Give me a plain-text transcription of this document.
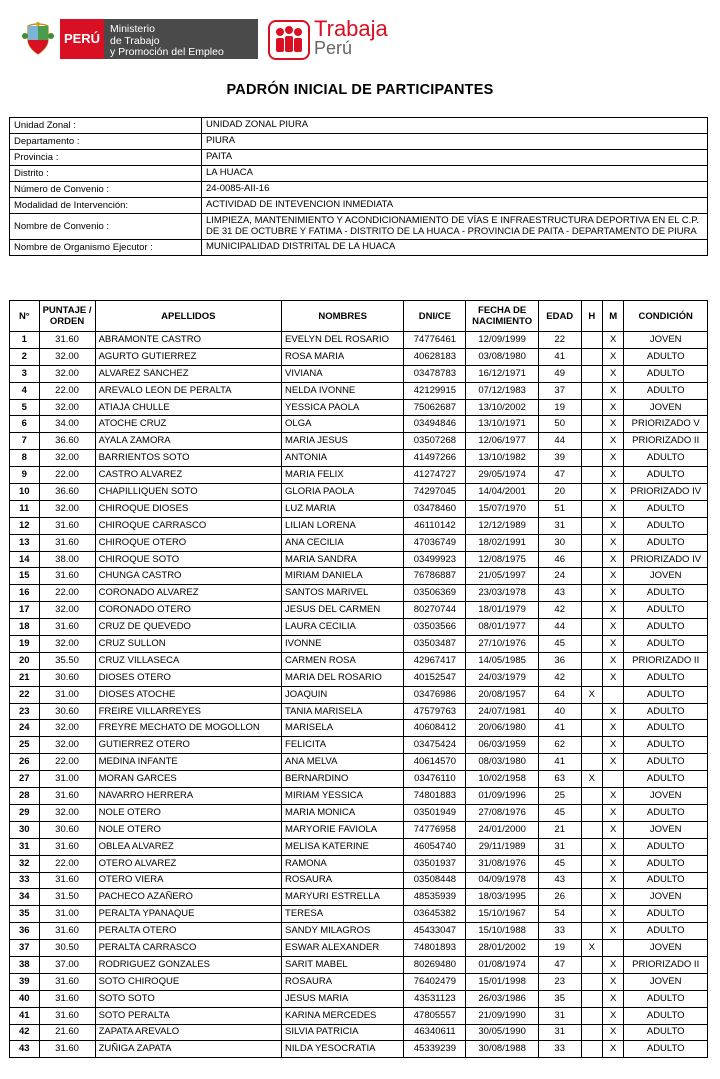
PERÚ
Ministerio
de Trabajo
y Promoción del Empleo
Trabaja
Perú
PADRÓN INICIAL DE PARTICIPANTES
Unidad Zonal :	UNIDAD ZONAL PIURA
Departamento :	PIURA
Provincia :	PAITA
Distrito :	LA HUACA
Número de Convenio :	24-0085-AII-16
Modalidad de Intervención:	ACTIVIDAD DE INTEVENCION INMEDIATA
Nombre de Convenio :	LIMPIEZA, MANTENIMIENTO Y ACONDICIONAMIENTO DE VÍAS E INFRAESTRUCTURA DEPORTIVA EN EL C.P. DE 31 DE OCTUBRE Y FATIMA - DISTRITO DE LA HUACA - PROVINCIA DE PAITA - DEPARTAMENTO DE PIURA
Nombre de Organismo Ejecutor :	MUNICIPALIDAD DISTRITAL DE LA HUACA
N°	PUNTAJE / ORDEN	APELLIDOS	NOMBRES	DNI/CE	FECHA DE NACIMIENTO	EDAD	H	M	CONDICIÓN
1	31.60	ABRAMONTE CASTRO	EVELYN DEL ROSARIO	74776461	12/09/1999	22		X	JOVEN
2	32.00	AGURTO GUTIERREZ	ROSA MARIA	40628183	03/08/1980	41		X	ADULTO
3	32.00	ALVAREZ SANCHEZ	VIVIANA	03478783	16/12/1971	49		X	ADULTO
4	22.00	AREVALO LEON DE PERALTA	NELDA IVONNE	42129915	07/12/1983	37		X	ADULTO
5	32.00	ATIAJA CHULLE	YESSICA PAOLA	75062687	13/10/2002	19		X	JOVEN
6	34.00	ATOCHE CRUZ	OLGA	03494846	13/10/1971	50		X	PRIORIZADO V
7	36.60	AYALA ZAMORA	MARIA JESUS	03507268	12/06/1977	44		X	PRIORIZADO II
8	32.00	BARRIENTOS SOTO	ANTONIA	41497266	13/10/1982	39		X	ADULTO
9	22.00	CASTRO ALVAREZ	MARIA FELIX	41274727	29/05/1974	47		X	ADULTO
10	36.60	CHAPILLIQUEN SOTO	GLORIA PAOLA	74297045	14/04/2001	20		X	PRIORIZADO IV
11	32.00	CHIROQUE DIOSES	LUZ MARIA	03478460	15/07/1970	51		X	ADULTO
12	31.60	CHIROQUE CARRASCO	LILIAN LORENA	46110142	12/12/1989	31		X	ADULTO
13	31.60	CHIROQUE OTERO	ANA CECILIA	47036749	18/02/1991	30		X	ADULTO
14	38.00	CHIROQUE SOTO	MARIA SANDRA	03499923	12/08/1975	46		X	PRIORIZADO IV
15	31.60	CHUNGA CASTRO	MIRIAM DANIELA	76786887	21/05/1997	24		X	JOVEN
16	22.00	CORONADO ALVAREZ	SANTOS MARIVEL	03506369	23/03/1978	43		X	ADULTO
17	32.00	CORONADO OTERO	JESUS DEL CARMEN	80270744	18/01/1979	42		X	ADULTO
18	31.60	CRUZ DE QUEVEDO	LAURA CECILIA	03503566	08/01/1977	44		X	ADULTO
19	32.00	CRUZ SULLON	IVONNE	03503487	27/10/1976	45		X	ADULTO
20	35.50	CRUZ VILLASECA	CARMEN ROSA	42967417	14/05/1985	36		X	PRIORIZADO II
21	30.60	DIOSES OTERO	MARIA DEL ROSARIO	40152547	24/03/1979	42		X	ADULTO
22	31.00	DIOSES ATOCHE	JOAQUIN	03476986	20/08/1957	64	X		ADULTO
23	30.60	FREIRE VILLARREYES	TANIA MARISELA	47579763	24/07/1981	40		X	ADULTO
24	32.00	FREYRE MECHATO DE MOGOLLON	MARISELA	40608412	20/06/1980	41		X	ADULTO
25	32.00	GUTIERREZ OTERO	FELICITA	03475424	06/03/1959	62		X	ADULTO
26	22.00	MEDINA INFANTE	ANA MELVA	40614570	08/03/1980	41		X	ADULTO
27	31.00	MORAN GARCES	BERNARDINO	03476110	10/02/1958	63	X		ADULTO
28	31.60	NAVARRO HERRERA	MIRIAM YESSICA	74801883	01/09/1996	25		X	JOVEN
29	32.00	NOLE OTERO	MARIA MONICA	03501949	27/08/1976	45		X	ADULTO
30	30.60	NOLE OTERO	MARYORIE FAVIOLA	74776958	24/01/2000	21		X	JOVEN
31	31.60	OBLEA ALVAREZ	MELISA KATERINE	46054740	29/11/1989	31		X	ADULTO
32	22.00	OTERO ALVAREZ	RAMONA	03501937	31/08/1976	45		X	ADULTO
33	31.60	OTERO VIERA	ROSAURA	03508448	04/09/1978	43		X	ADULTO
34	31.50	PACHECO AZAÑERO	MARYURI ESTRELLA	48535939	18/03/1995	26		X	JOVEN
35	31.00	PERALTA YPANAQUE	TERESA	03645382	15/10/1967	54		X	ADULTO
36	31.60	PERALTA OTERO	SANDY MILAGROS	45433047	15/10/1988	33		X	ADULTO
37	30.50	PERALTA CARRASCO	ESWAR ALEXANDER	74801893	28/01/2002	19	X		JOVEN
38	37.00	RODRIGUEZ GONZALES	SARIT MABEL	80269480	01/08/1974	47		X	PRIORIZADO II
39	31.60	SOTO CHIROQUE	ROSAURA	76402479	15/01/1998	23		X	JOVEN
40	31.60	SOTO SOTO	JESUS MARIA	43531123	26/03/1986	35		X	ADULTO
41	31.60	SOTO PERALTA	KARINA MERCEDES	47805557	21/09/1990	31		X	ADULTO
42	21.60	ZAPATA AREVALO	SILVIA PATRICIA	46340611	30/05/1990	31		X	ADULTO
43	31.60	ZUÑIGA ZAPATA	NILDA YESOCRATIA	45339239	30/08/1988	33		X	ADULTO
